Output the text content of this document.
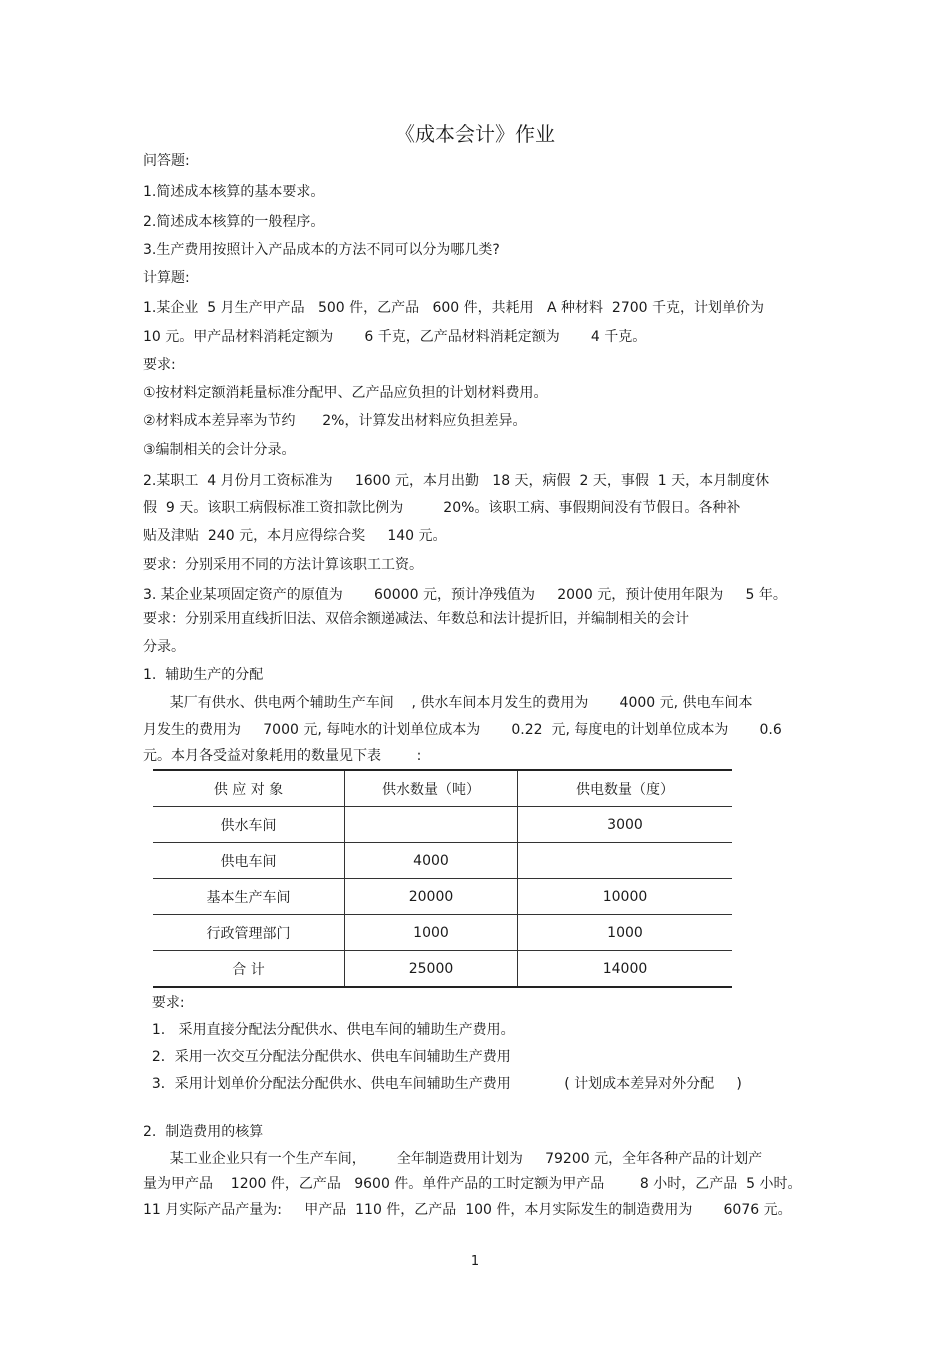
《成本会计》作业
问答题:
1.简述成本核算的基本要求。
2.简述成本核算的一般程序。
3.生产费用按照计入产品成本的方法不同可以分为哪几类?
计算题:
1.某企业  5 月生产甲产品   500 件，乙产品   600 件，共耗用   A 种材料  2700 千克，计划单价为
10 元。甲产品材料消耗定额为       6 千克，乙产品材料消耗定额为       4 千克。
要求:
①按材料定额消耗量标准分配甲、乙产品应负担的计划材料费用。
②材料成本差异率为节约      2%，计算发出材料应负担差异。
③编制相关的会计分录。
2.某职工  4 月份月工资标准为     1600 元，本月出勤   18 天，病假  2 天，事假  1 天，本月制度休
假  9 天。该职工病假标准工资扣款比例为         20%。该职工病、事假期间没有节假日。各种补
贴及津贴  240 元，本月应得综合奖     140 元。
要求：分别采用不同的方法计算该职工工资。
3. 某企业某项固定资产的原值为       60000 元，预计净残值为     2000 元，预计使用年限为     5 年。
要求：分别采用直线折旧法、双倍余额递减法、年数总和法计提折旧，并编制相关的会计
分录。
1.  辅助生产的分配
某厂有供水、供电两个辅助生产车间    , 供水车间本月发生的费用为       4000 元, 供电车间本
月发生的费用为     7000 元, 每吨水的计划单位成本为       0.22  元, 每度电的计划单位成本为       0.6
元。本月各受益对象耗用的数量见下表        :
供 应 对 象	供水数量（吨）	供电数量（度）
供水车间		3000
供电车间	4000	
基本生产车间	20000	10000
行政管理部门	1000	1000
合 计	25000	14000
要求:
1.   采用直接分配法分配供水、供电车间的辅助生产费用。
2．采用一次交互分配法分配供水、供电车间辅助生产费用
3．采用计划单价分配法分配供水、供电车间辅助生产费用            ( 计划成本差异对外分配     )
2.  制造费用的核算
某工业企业只有一个生产车间，       全年制造费用计划为     79200 元，全年各种产品的计划产
量为甲产品    1200 件，乙产品   9600 件。单件产品的工时定额为甲产品        8 小时，乙产品  5 小时。
11 月实际产品产量为:     甲产品  110 件，乙产品  100 件，本月实际发生的制造费用为       6076 元。
1
